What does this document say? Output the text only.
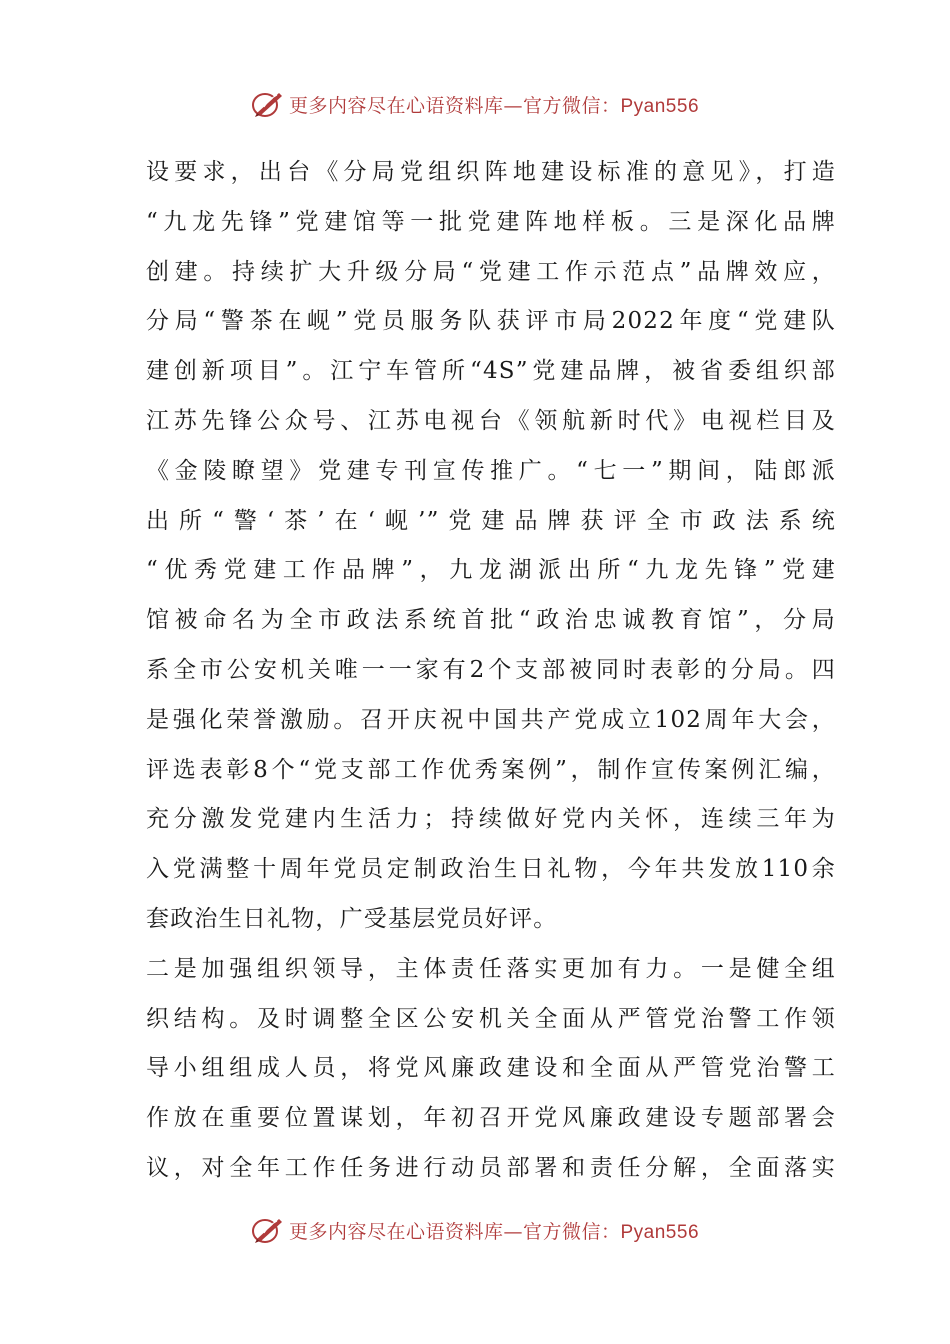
更多内容尽在心语资料库—官方微信：Pyan556
设要求，出台《分局党组织阵地建设标准的意见》，打造
“九龙先锋”党建馆等一批党建阵地样板。三是深化品牌
创建。持续扩大升级分局“党建工作示范点”品牌效应，
分局“警茶在岘”党员服务队获评市局2022年度“党建队
建创新项目”。江宁车管所“4S”党建品牌，被省委组织部
江苏先锋公众号、江苏电视台《领航新时代》电视栏目及
《金陵瞭望》党建专刊宣传推广。“七一”期间，陆郎派
出所“警‘茶’在‘岘’”党建品牌获评全市政法系统
“优秀党建工作品牌”，九龙湖派出所“九龙先锋”党建
馆被命名为全市政法系统首批“政治忠诚教育馆”，分局
系全市公安机关唯一一家有2个支部被同时表彰的分局。四
是强化荣誉激励。召开庆祝中国共产党成立102周年大会，
评选表彰8个“党支部工作优秀案例”，制作宣传案例汇编，
充分激发党建内生活力；持续做好党内关怀，连续三年为
入党满整十周年党员定制政治生日礼物，今年共发放110余
套政治生日礼物，广受基层党员好评。
二是加强组织领导，主体责任落实更加有力。一是健全组
织结构。及时调整全区公安机关全面从严管党治警工作领
导小组组成人员，将党风廉政建设和全面从严管党治警工
作放在重要位置谋划，年初召开党风廉政建设专题部署会
议，对全年工作任务进行动员部署和责任分解，全面落实
更多内容尽在心语资料库—官方微信：Pyan556
